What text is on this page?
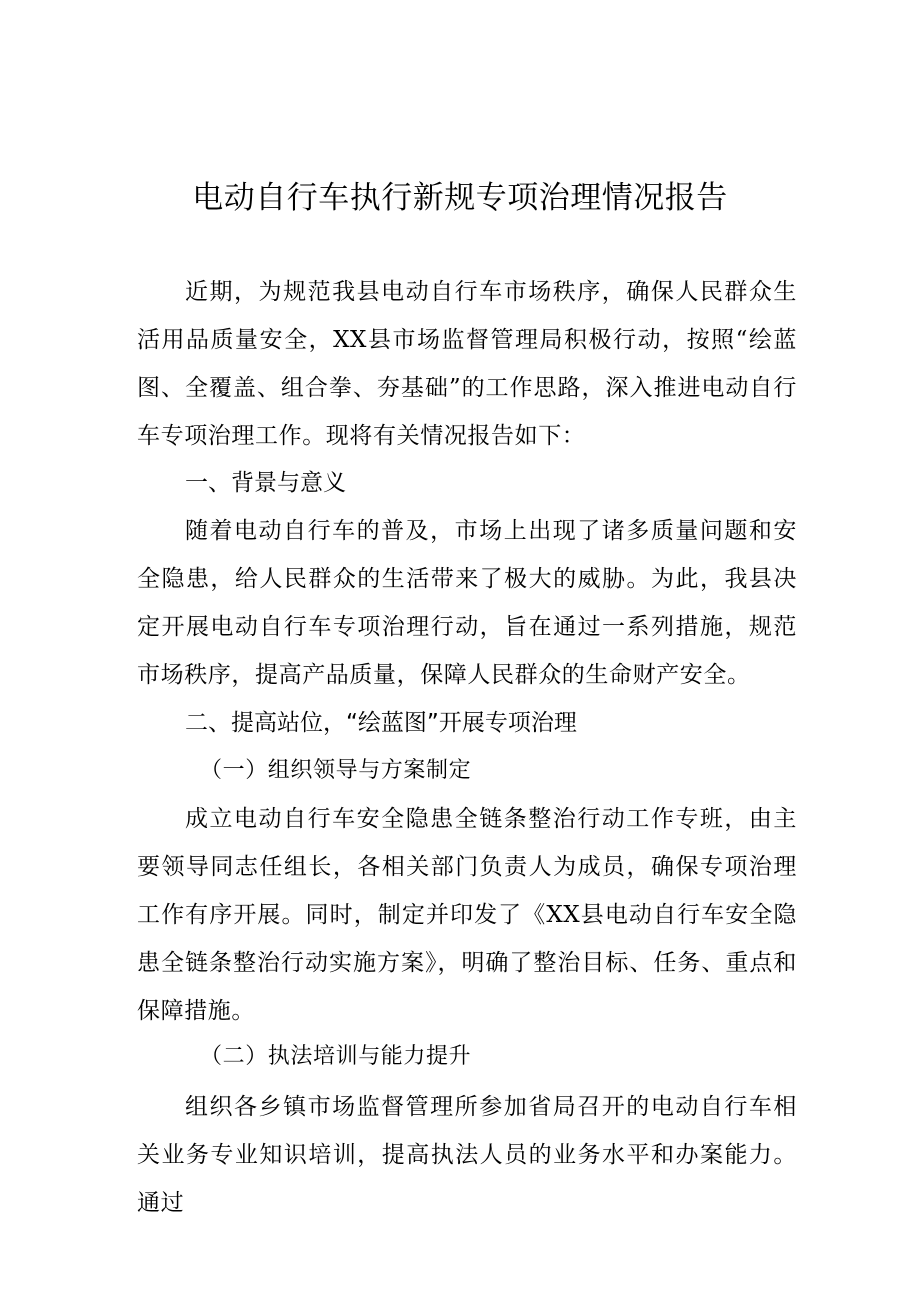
电动自行车执行新规专项治理情况报告

近期，为规范我县电动自行车市场秩序，确保人民群众生活用品质量安全，XX县市场监督管理局积极行动，按照“绘蓝图、全覆盖、组合拳、夯基础”的工作思路，深入推进电动自行车专项治理工作。现将有关情况报告如下：

一、背景与意义

随着电动自行车的普及，市场上出现了诸多质量问题和安全隐患，给人民群众的生活带来了极大的威胁。为此，我县决定开展电动自行车专项治理行动，旨在通过一系列措施，规范市场秩序，提高产品质量，保障人民群众的生命财产安全。

二、提高站位，“绘蓝图”开展专项治理
（一）组织领导与方案制定

成立电动自行车安全隐患全链条整治行动工作专班，由主要领导同志任组长，各相关部门负责人为成员，确保专项治理工作有序开展。同时，制定并印发了《XX县电动自行车安全隐患全链条整治行动实施方案》，明确了整治目标、任务、重点和保障措施。

（二）执法培训与能力提升

组织各乡镇市场监督管理所参加省局召开的电动自行车相关业务专业知识培训，提高执法人员的业务水平和办案能力。通过
